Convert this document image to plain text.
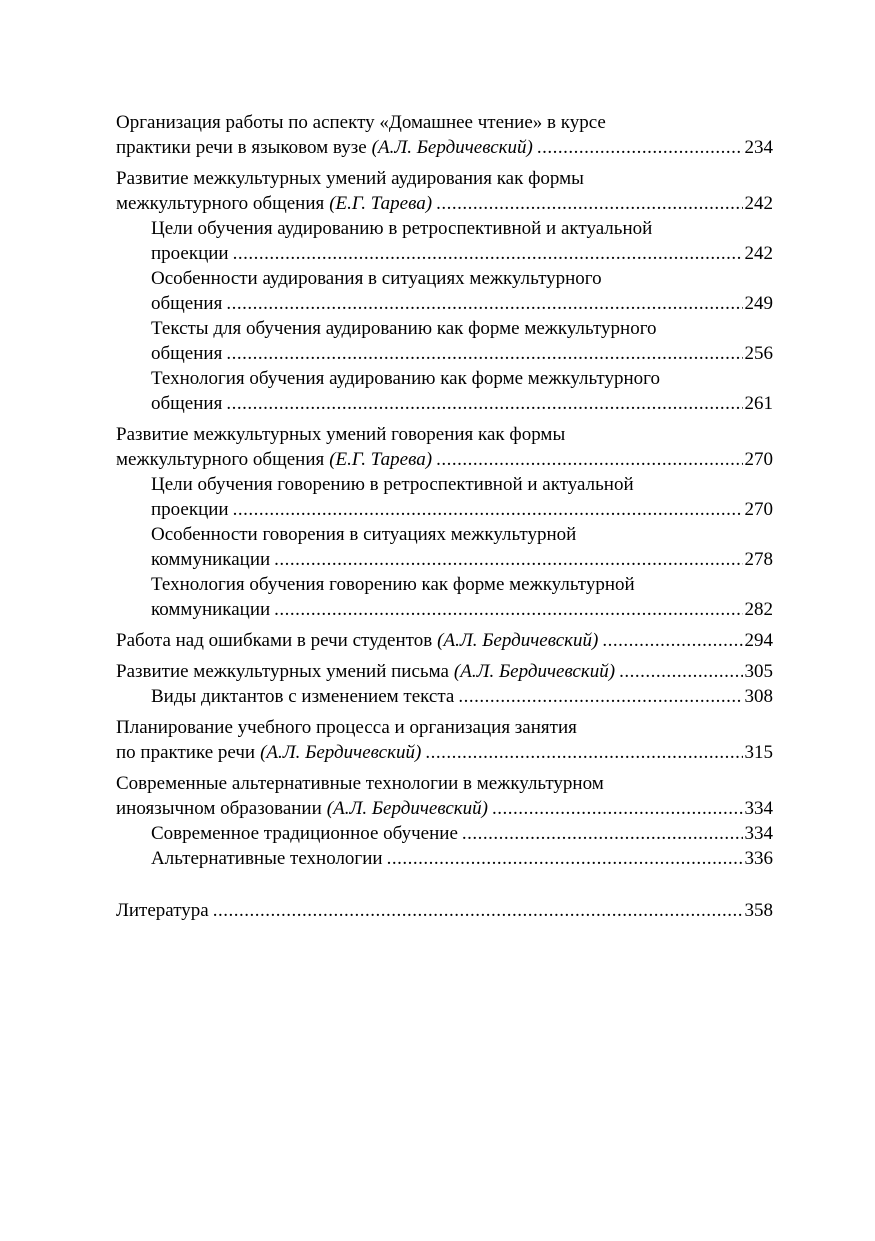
Организация работы по аспекту «Домашнее чтение» в курсе
практики речи в языковом вузе (А.Л. Бердичевский) .....	234
Развитие межкультурных умений аудирования как формы
межкультурного общения (Е.Г. Тарева) .....	242
Цели обучения аудированию в ретроспективной и актуальной
проекции .....	242
Особенности аудирования в ситуациях межкультурного
общения .....	249
Тексты для обучения аудированию как форме межкультурного
общения .....	256
Технология обучения аудированию как форме межкультурного
общения .....	261
Развитие межкультурных умений говорения как формы
межкультурного общения (Е.Г. Тарева) .....	270
Цели обучения говорению в ретроспективной и актуальной
проекции .....	270
Особенности говорения в ситуациях межкультурной
коммуникации .....	278
Технология обучения говорению как форме межкультурной
коммуникации .....	282
Работа над ошибками в речи студентов (А.Л. Бердичевский) .....	294
Развитие межкультурных умений письма (А.Л. Бердичевский) .....	305
Виды диктантов с изменением текста .....	308
Планирование учебного процесса и организация занятия
по практике речи (А.Л. Бердичевский) .....	315
Современные альтернативные технологии в межкультурном
иноязычном образовании (А.Л. Бердичевский) .....	334
Современное традиционное обучение .....	334
Альтернативные технологии .....	336
Литература .....	358
